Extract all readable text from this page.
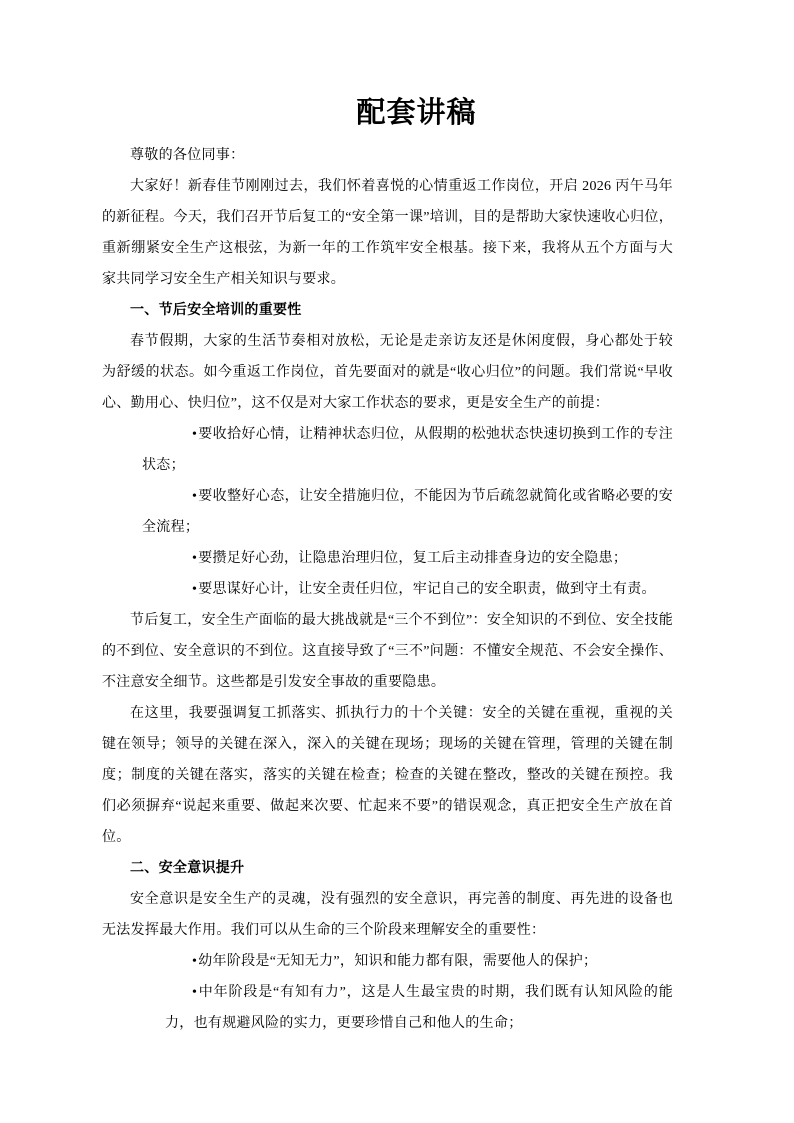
配套讲稿

尊敬的各位同事：

大家好！新春佳节刚刚过去，我们怀着喜悦的心情重返工作岗位，开启 2026 丙午马年的新征程。今天，我们召开节后复工的“安全第一课”培训，目的是帮助大家快速收心归位，重新绷紧安全生产这根弦，为新一年的工作筑牢安全根基。接下来，我将从五个方面与大家共同学习安全生产相关知识与要求。

一、节后安全培训的重要性

春节假期，大家的生活节奏相对放松，无论是走亲访友还是休闲度假，身心都处于较为舒缓的状态。如今重返工作岗位，首先要面对的就是“收心归位”的问题。我们常说“早收心、勤用心、快归位”，这不仅是对大家工作状态的要求，更是安全生产的前提：

•要收拾好心情，让精神状态归位，从假期的松弛状态快速切换到工作的专注状态；

•要收整好心态，让安全措施归位，不能因为节后疏忽就简化或省略必要的安全流程；

•要攒足好心劲，让隐患治理归位，复工后主动排查身边的安全隐患；

•要思谋好心计，让安全责任归位，牢记自己的安全职责，做到守土有责。

节后复工，安全生产面临的最大挑战就是“三个不到位”：安全知识的不到位、安全技能的不到位、安全意识的不到位。这直接导致了“三不”问题：不懂安全规范、不会安全操作、不注意安全细节。这些都是引发安全事故的重要隐患。

在这里，我要强调复工抓落实、抓执行力的十个关键：安全的关键在重视，重视的关键在领导；领导的关键在深入，深入的关键在现场；现场的关键在管理，管理的关键在制度；制度的关键在落实，落实的关键在检查；检查的关键在整改，整改的关键在预控。我们必须摒弃“说起来重要、做起来次要、忙起来不要”的错误观念，真正把安全生产放在首位。

二、安全意识提升

安全意识是安全生产的灵魂，没有强烈的安全意识，再完善的制度、再先进的设备也无法发挥最大作用。我们可以从生命的三个阶段来理解安全的重要性：

•幼年阶段是“无知无力”，知识和能力都有限，需要他人的保护；

•中年阶段是“有知有力”，这是人生最宝贵的时期，我们既有认知风险的能力，也有规避风险的实力，更要珍惜自己和他人的生命；
